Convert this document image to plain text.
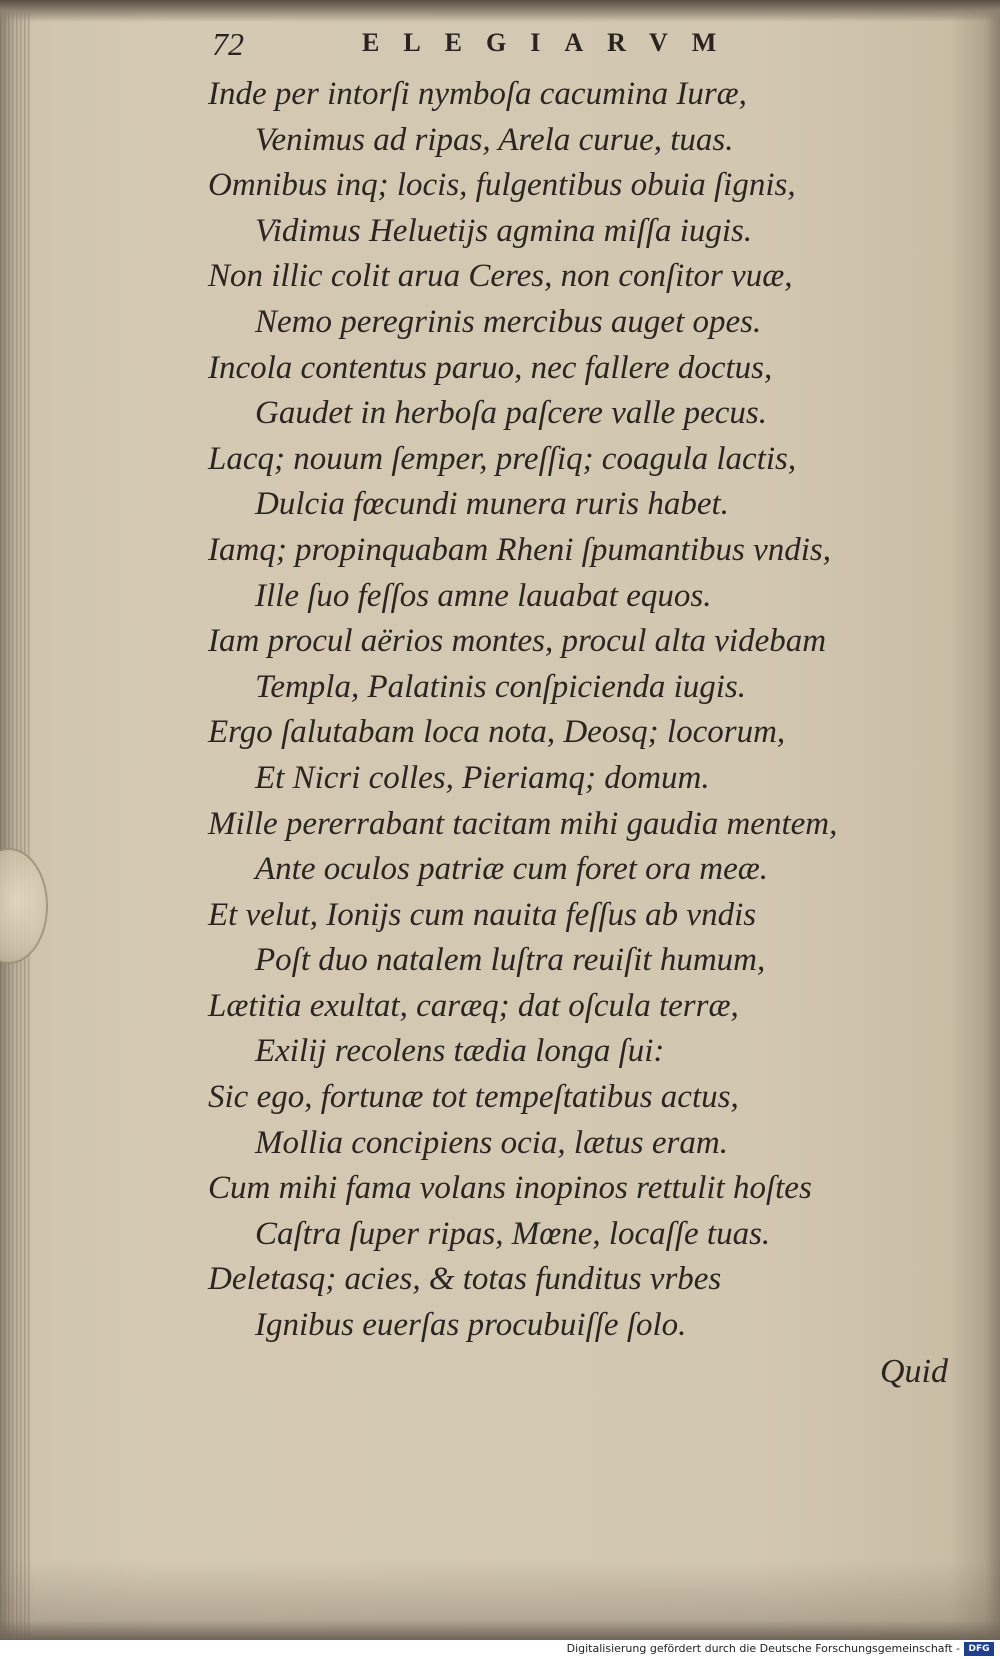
72	ELEGIARVM
Inde per intorſi nymboſa cacumina Iuræ,
Venimus ad ripas, Arela curue, tuas.
Omnibus inq; locis, fulgentibus obuia ſignis,
Vidimus Heluetijs agmina miſſa iugis.
Non illic colit arua Ceres, non conſitor vuæ,
Nemo peregrinis mercibus auget opes.
Incola contentus paruo, nec fallere doctus,
Gaudet in herboſa paſcere valle pecus.
Lacq; nouum ſemper, preſſiq; coagula lactis,
Dulcia fœcundi munera ruris habet.
Iamq; propinquabam Rheni ſpumantibus vndis,
Ille ſuo feſſos amne lauabat equos.
Iam procul aërios montes, procul alta videbam
Templa, Palatinis conſpicienda iugis.
Ergo ſalutabam loca nota, Deosq; locorum,
Et Nicri colles, Pieriamq; domum.
Mille pererrabant tacitam mihi gaudia mentem,
Ante oculos patriæ cum foret ora meæ.
Et velut, Ionijs cum nauita feſſus ab vndis
Poſt duo natalem luſtra reuiſit humum,
Lætitia exultat, caræq; dat oſcula terræ,
Exilij recolens tædia longa ſui:
Sic ego, fortunæ tot tempeſtatibus actus,
Mollia concipiens ocia, lætus eram.
Cum mihi fama volans inopinos rettulit hoſtes
Caſtra ſuper ripas, Mœne, locaſſe tuas.
Deletasq; acies, & totas funditus vrbes
Ignibus euerſas procubuiſſe ſolo.
Quid
Digitalisierung gefördert durch die Deutsche Forschungsgemeinschaft - DFG
